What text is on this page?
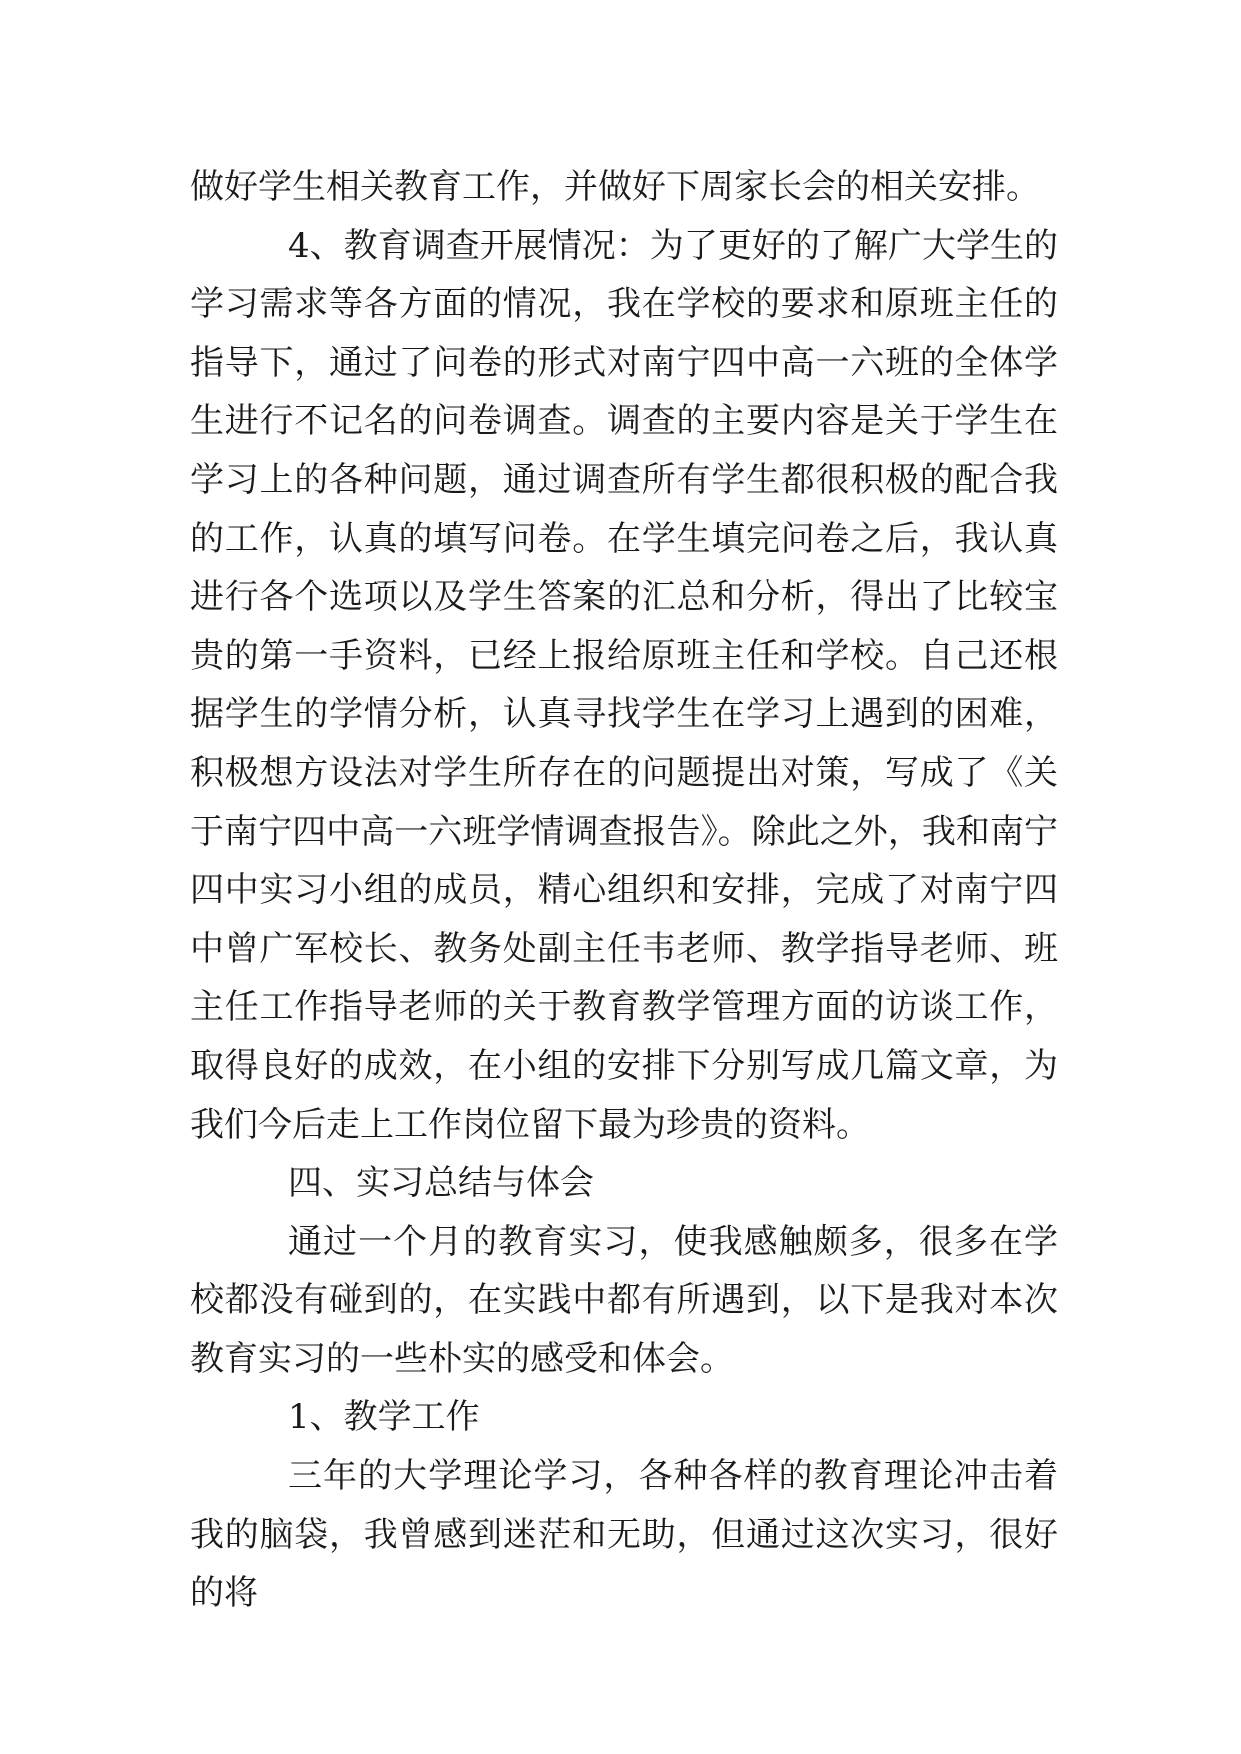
做好学生相关教育工作，并做好下周家长会的相关安排。

4、教育调查开展情况：为了更好的了解广大学生的学习需求等各方面的情况，我在学校的要求和原班主任的指导下，通过了问卷的形式对南宁四中高一六班的全体学生进行不记名的问卷调查。调查的主要内容是关于学生在学习上的各种问题，通过调查所有学生都很积极的配合我的工作，认真的填写问卷。在学生填完问卷之后，我认真进行各个选项以及学生答案的汇总和分析，得出了比较宝贵的第一手资料，已经上报给原班主任和学校。自己还根据学生的学情分析，认真寻找学生在学习上遇到的困难，积极想方设法对学生所存在的问题提出对策，写成了《关于南宁四中高一六班学情调查报告》。除此之外，我和南宁四中实习小组的成员，精心组织和安排，完成了对南宁四中曾广军校长、教务处副主任韦老师、教学指导老师、班主任工作指导老师的关于教育教学管理方面的访谈工作，取得良好的成效，在小组的安排下分别写成几篇文章，为我们今后走上工作岗位留下最为珍贵的资料。

四、实习总结与体会

通过一个月的教育实习，使我感触颇多，很多在学校都没有碰到的，在实践中都有所遇到，以下是我对本次教育实习的一些朴实的感受和体会。

1、教学工作

三年的大学理论学习，各种各样的教育理论冲击着我的脑袋，我曾感到迷茫和无助，但通过这次实习，很好的将
